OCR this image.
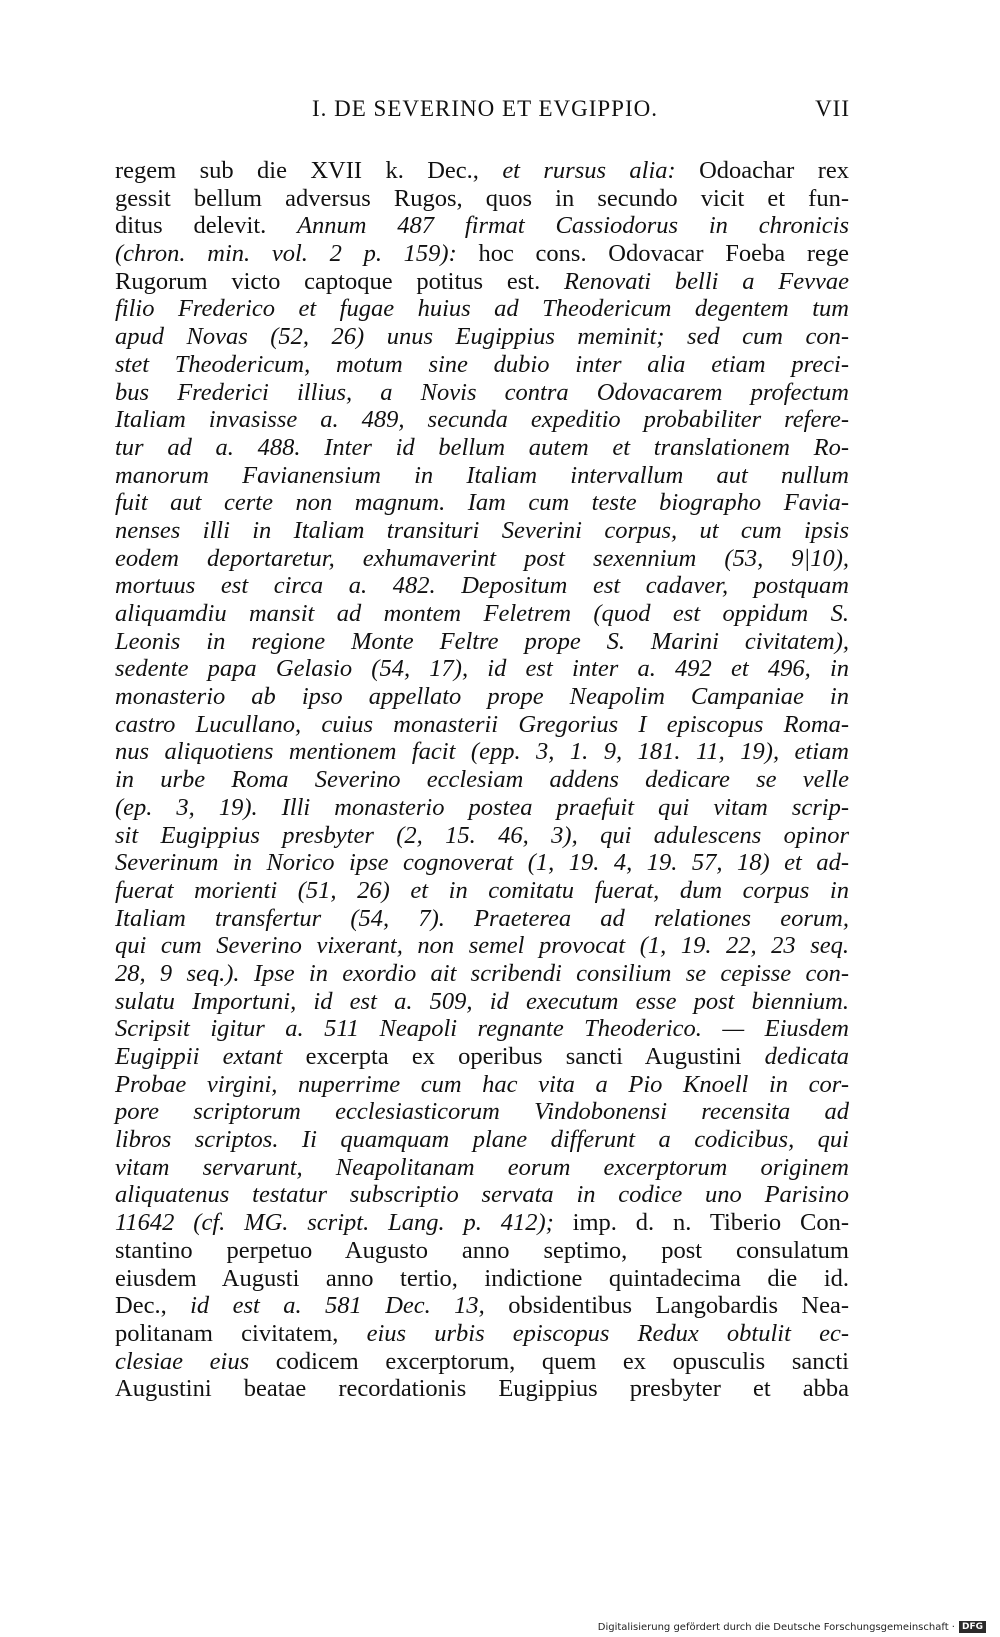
I. DE SEVERINO ET EVGIPPIO.	VII
regem sub die XVII k. Dec., et rursus alia: Odoachar rex
gessit bellum adversus Rugos, quos in secundo vicit et fun-
ditus delevit. Annum 487 firmat Cassiodorus in chronicis
(chron. min. vol. 2 p. 159): hoc cons. Odovacar Foeba rege
Rugorum victo captoque potitus est. Renovati belli a Fevvae
filio Frederico et fugae huius ad Theodericum degentem tum
apud Novas (52, 26) unus Eugippius meminit; sed cum con-
stet Theodericum, motum sine dubio inter alia etiam preci-
bus Frederici illius, a Novis contra Odovacarem profectum
Italiam invasisse a. 489, secunda expeditio probabiliter refere-
tur ad a. 488. Inter id bellum autem et translationem Ro-
manorum Favianensium in Italiam intervallum aut nullum
fuit aut certe non magnum. Iam cum teste biographo Favia-
nenses illi in Italiam transituri Severini corpus, ut cum ipsis
eodem deportaretur, exhumaverint post sexennium (53, 9|10),
mortuus est circa a. 482. Depositum est cadaver, postquam
aliquamdiu mansit ad montem Feletrem (quod est oppidum S.
Leonis in regione Monte Feltre prope S. Marini civitatem),
sedente papa Gelasio (54, 17), id est inter a. 492 et 496, in
monasterio ab ipso appellato prope Neapolim Campaniae in
castro Lucullano, cuius monasterii Gregorius I episcopus Roma-
nus aliquotiens mentionem facit (epp. 3, 1. 9, 181. 11, 19), etiam
in urbe Roma Severino ecclesiam addens dedicare se velle
(ep. 3, 19). Illi monasterio postea praefuit qui vitam scrip-
sit Eugippius presbyter (2, 15. 46, 3), qui adulescens opinor
Severinum in Norico ipse cognoverat (1, 19. 4, 19. 57, 18) et ad-
fuerat morienti (51, 26) et in comitatu fuerat, dum corpus in
Italiam transfertur (54, 7). Praeterea ad relationes eorum,
qui cum Severino vixerant, non semel provocat (1, 19. 22, 23 seq.
28, 9 seq.). Ipse in exordio ait scribendi consilium se cepisse con-
sulatu Importuni, id est a. 509, id executum esse post biennium.
Scripsit igitur a. 511 Neapoli regnante Theoderico. — Eiusdem
Eugippii extant excerpta ex operibus sancti Augustini dedicata
Probae virgini, nuperrime cum hac vita a Pio Knoell in cor-
pore scriptorum ecclesiasticorum Vindobonensi recensita ad
libros scriptos. Ii quamquam plane differunt a codicibus, qui
vitam servarunt, Neapolitanam eorum excerptorum originem
aliquatenus testatur subscriptio servata in codice uno Parisino
11642 (cf. MG. script. Lang. p. 412); imp. d. n. Tiberio Con-
stantino perpetuo Augusto anno septimo, post consulatum
eiusdem Augusti anno tertio, indictione quintadecima die id.
Dec., id est a. 581 Dec. 13, obsidentibus Langobardis Nea-
politanam civitatem, eius urbis episcopus Redux obtulit ec-
clesiae eius codicem excerptorum, quem ex opusculis sancti
Augustini beatae recordationis Eugippius presbyter et abba
Digitalisierung gefördert durch die Deutsche Forschungsgemeinschaft · DFG
